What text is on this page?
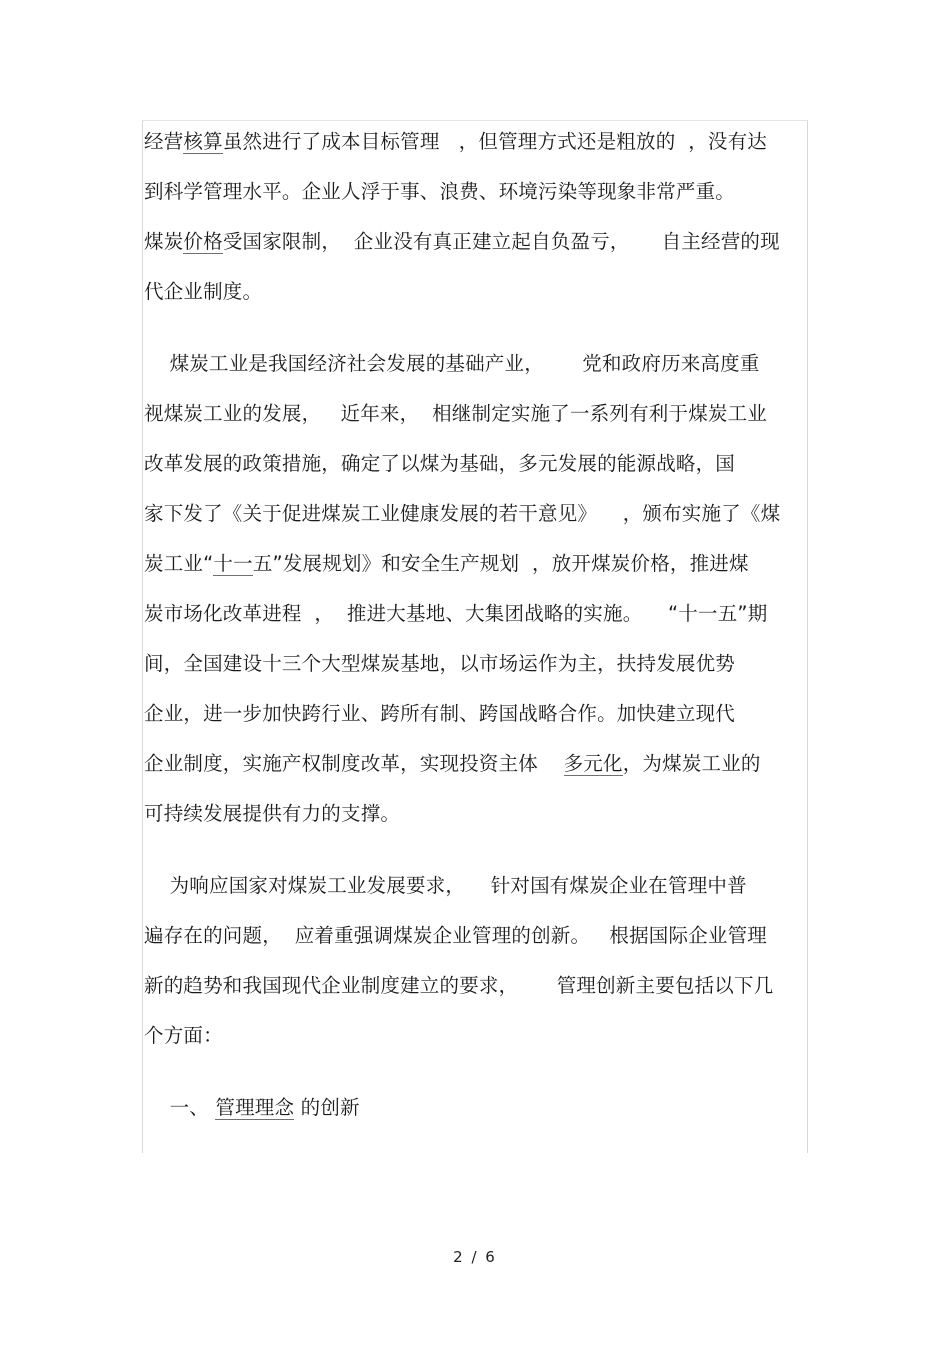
经营核算虽然进行了成本目标管理   ，但管理方式还是粗放的  ，没有达
到科学管理水平。企业人浮于事、浪费、环境污染等现象非常严重。
煤炭价格受国家限制，  企业没有真正建立起自负盈亏，     自主经营的现
代企业制度。
煤炭工业是我国经济社会发展的基础产业，      党和政府历来高度重
视煤炭工业的发展，   近年来，  相继制定实施了一系列有利于煤炭工业
改革发展的政策措施，确定了以煤为基础，多元发展的能源战略，国
家下发了《关于促进煤炭工业健康发展的若干意见》    ，颁布实施了《煤
炭工业“十一五”发展规划》和安全生产规划  ，放开煤炭价格，推进煤
炭市场化改革进程  ，  推进大基地、大集团战略的实施。    “十一五”期
间，全国建设十三个大型煤炭基地，以市场运作为主，扶持发展优势
企业，进一步加快跨行业、跨所有制、跨国战略合作。加快建立现代
企业制度，实施产权制度改革，实现投资主体    多元化，为煤炭工业的
可持续发展提供有力的支撑。
为响应国家对煤炭工业发展要求，    针对国有煤炭企业在管理中普
遍存在的问题，  应着重强调煤炭企业管理的创新。   根据国际企业管理
新的趋势和我国现代企业制度建立的要求，      管理创新主要包括以下几
个方面：
一、 管理理念 的创新
2 / 6
